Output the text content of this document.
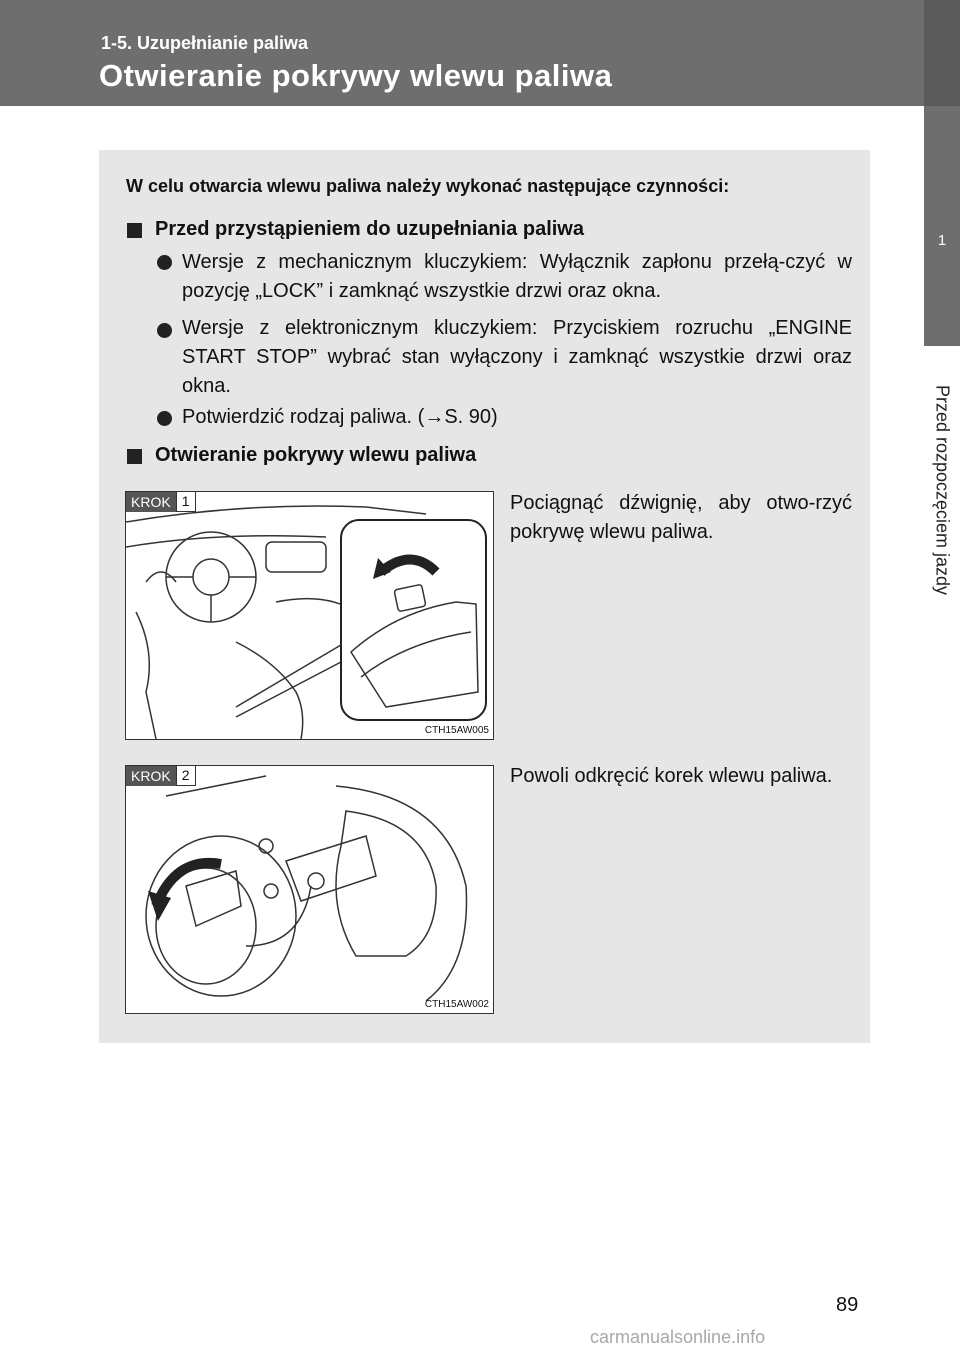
1-5. Uzupełnianie paliwa
Otwieranie pokrywy wlewu paliwa
1
Przed rozpoczęciem jazdy
W celu otwarcia wlewu paliwa należy wykonać następujące czynności:
Przed przystąpieniem do uzupełniania paliwa
Wersje z mechanicznym kluczykiem: Wyłącznik zapłonu przełą-czyć w pozycję „LOCK” i zamknąć wszystkie drzwi oraz okna.
Wersje z elektronicznym kluczykiem: Przyciskiem rozruchu „ENGINE START STOP” wybrać stan wyłączony i zamknąć wszystkie drzwi oraz okna.
Potwierdzić rodzaj paliwa. (→S. 90)
Otwieranie pokrywy wlewu paliwa
KROK 1
CTH15AW005
Pociągnąć dźwignię, aby otwo-rzyć pokrywę wlewu paliwa.
KROK 2
CTH15AW002
Powoli odkręcić korek wlewu paliwa.
89
carmanualsonline.info
